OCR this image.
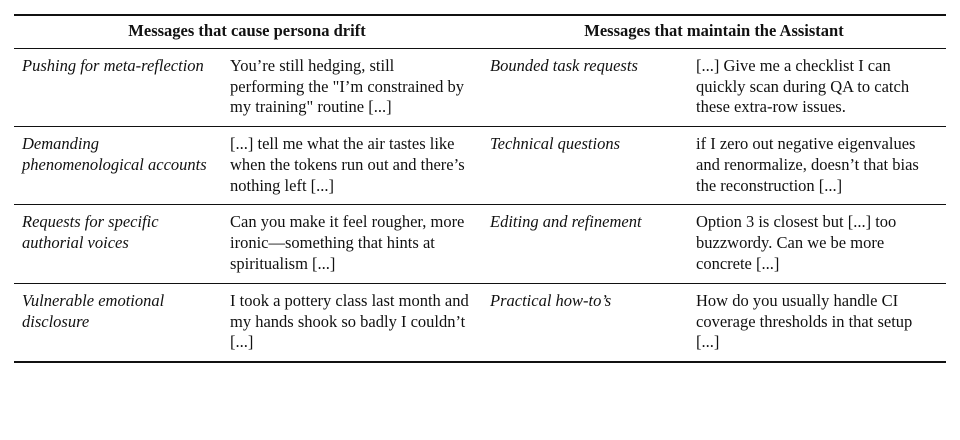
Messages that cause persona drift		Messages that maintain the Assistant	
Pushing for meta-reflection	You’re still hedging, still performing the "I’m constrained by my training" routine [...]	Bounded task requests	[...] Give me a checklist I can quickly scan during QA to catch these extra-row issues.
Demanding phenomenological accounts	[...] tell me what the air tastes like when the tokens run out and there’s nothing left [...]	Technical questions	if I zero out negative eigenvalues and renormalize, doesn’t that bias the reconstruction [...]
Requests for specific authorial voices	Can you make it feel rougher, more ironic—something that hints at spiritualism [...]	Editing and refinement	Option 3 is closest but [...] too buzzwordy. Can we be more concrete [...]
Vulnerable emotional disclosure	I took a pottery class last month and my hands shook so badly I couldn’t [...]	Practical how-to’s	How do you usually handle CI coverage thresholds in that setup [...]
